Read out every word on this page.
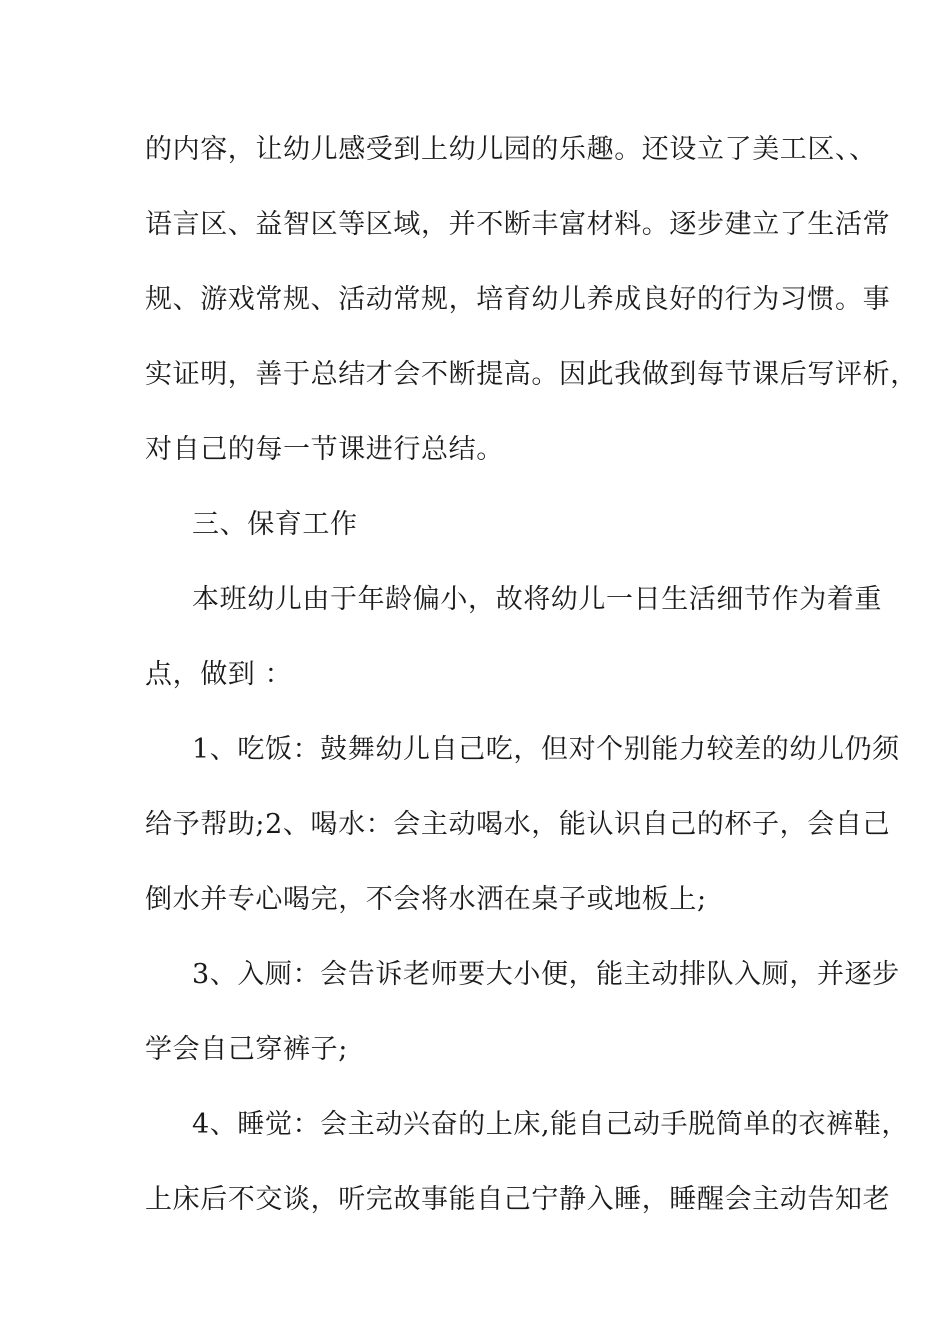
的内容，让幼儿感受到上幼儿园的乐趣。还设立了美工区、、
语言区、益智区等区域，并不断丰富材料。逐步建立了生活常
规、游戏常规、活动常规，培育幼儿养成良好的行为习惯。事
实证明，善于总结才会不断提高。因此我做到每节课后写评析，
对自己的每一节课进行总结。
三、保育工作
本班幼儿由于年龄偏小，故将幼儿一日生活细节作为着重
点，做到 ：
1、吃饭：鼓舞幼儿自己吃，但对个别能力较差的幼儿仍须
给予帮助;2、喝水：会主动喝水，能认识自己的杯子，会自己
倒水并专心喝完，不会将水洒在桌子或地板上;
3、入厕：会告诉老师要大小便，能主动排队入厕，并逐步
学会自己穿裤子;
4、睡觉：会主动兴奋的上床,能自己动手脱简单的衣裤鞋，
上床后不交谈，听完故事能自己宁静入睡，睡醒会主动告知老
